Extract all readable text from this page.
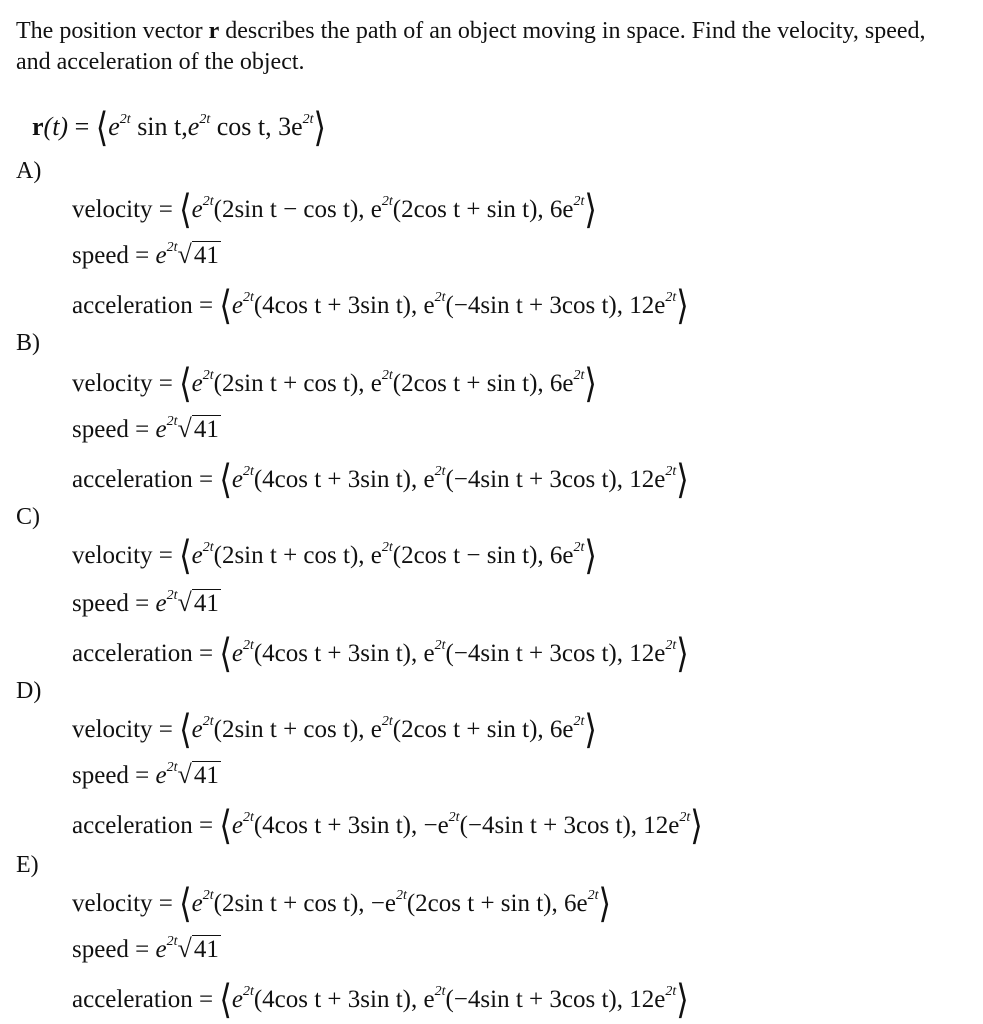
The position vector r describes the path of an object moving in space. Find the velocity, speed, and acceleration of the object.
$r(t) = ⟨e^{2t}$ $\sin t,e^{2t}$ cos t, $3e^{2t}⟩$
A)
velocity = $⟨e^{2t}(2\sin$ t − cos t), $e^{2t}(2\cos$ t + sin t), $6e^{2t}⟩$
speed = $e^{2t}√41$
acceleration = $⟨e^{2t}(4\cos$ t + 3sin t), $e^{2t}(-4\sin$ t + 3cos t), $12e^{2t}⟩$
B)
velocity = $⟨e^{2t}(2\sin$ t + cos t), $e^{2t}(2\cos$ t + sin t), $6e^{2t}⟩$
speed = $e^{2t}√41$
acceleration = $⟨e^{2t}(4\cos$ t + 3sin t), $e^{2t}(-4\sin$ t + 3cos t), $12e^{2t}⟩$
C)
velocity = $⟨e^{2t}(2\sin$ t + cos t), $e^{2t}(2\cos$ t − sin t), $6e^{2t}⟩$
speed = $e^{2t}√41$
acceleration = $⟨e^{2t}(4\cos$ t + 3sin t), $e^{2t}(-4\sin$ t + 3cos t), $12e^{2t}⟩$
D)
velocity = $⟨e^{2t}(2\sin$ t + cos t), $e^{2t}(2\cos$ t + sin t), $6e^{2t}⟩$
speed = $e^{2t}√41$
acceleration = $⟨e^{2t}(4\cos$ t + 3sin t), $-e^{2t}(-4\sin$ t + 3cos t), $12e^{2t}⟩$
E)
velocity = $⟨e^{2t}(2\sin$ t + cos t), $-e^{2t}(2\cos$ t + sin t), $6e^{2t}⟩$
speed = $e^{2t}√41$
acceleration = $⟨e^{2t}(4\cos$ t + 3sin t), $e^{2t}(-4\sin$ t + 3cos t), $12e^{2t}⟩$
